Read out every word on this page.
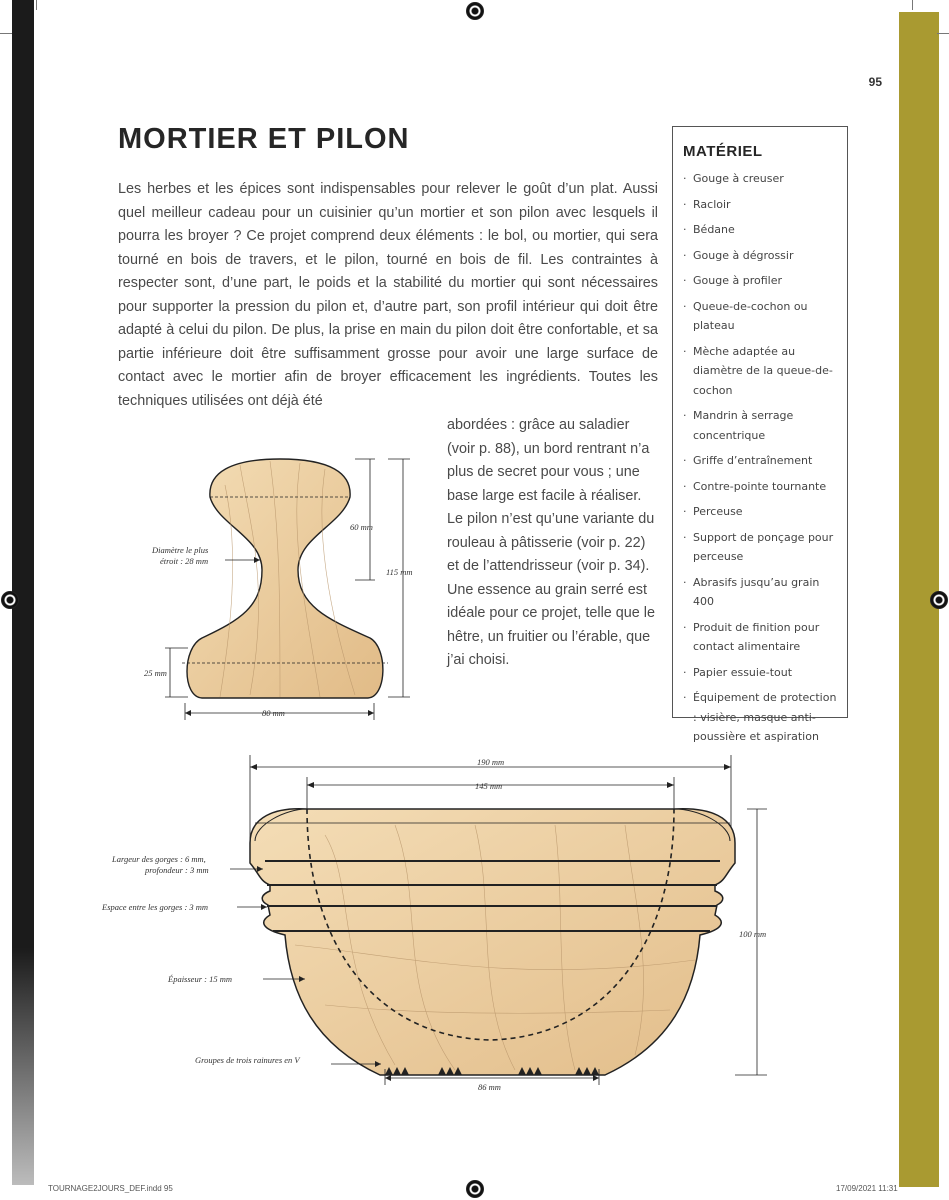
95
MORTIER ET PILON

Les herbes et les épices sont indispensables pour relever le goût d’un plat. Aussi quel meilleur cadeau pour un cuisinier qu’un mortier et son pilon avec lesquels il pourra les broyer ? Ce projet comprend deux éléments : le bol, ou mortier, qui sera tourné en bois de travers, et le pilon, tourné en bois de fil. Les contraintes à respecter sont, d’une part, le poids et la stabilité du mortier qui sont nécessaires pour supporter la pression du pilon et, d’autre part, son profil intérieur qui doit être adapté à celui du pilon. De plus, la prise en main du pilon doit être confortable, et sa partie inférieure doit être suffisamment grosse pour avoir une large surface de contact avec le mortier afin de broyer efficacement les ingrédients. Toutes les techniques utilisées ont déjà été

abordées : grâce au saladier (voir p. 88), un bord rentrant n’a plus de secret pour vous ; une base large est facile à réaliser. Le pilon n’est qu’une variante du rouleau à pâtisserie (voir p. 22) et de l’attendrisseur (voir p. 34). Une essence au grain serré est idéale pour ce projet, telle que le hêtre, un fruitier ou l’érable, que j’ai choisi.

MATÉRIEL
· Gouge à creuser
· Racloir
· Bédane
· Gouge à dégrossir
· Gouge à profiler
· Queue-de-cochon ou plateau
· Mèche adaptée au diamètre de la queue-de-cochon
· Mandrin à serrage concentrique
· Griffe d’entraînement
· Contre-pointe tournante
· Perceuse
· Support de ponçage pour perceuse
· Abrasifs jusqu’au grain 400
· Produit de finition pour contact alimentaire
· Papier essuie-tout
· Équipement de protection : visière, masque anti-poussière et aspiration
60 mm
115 mm
Diamètre le plus
étroit : 28 mm
25 mm
80 mm
190 mm
145 mm
100 mm
86 mm
Largeur des gorges : 6 mm,
profondeur : 3 mm
Espace entre les gorges : 3 mm
Épaisseur : 15 mm
Groupes de trois rainures en V
TOURNAGE2JOURS_DEF.indd 95	17/09/2021 11:31
